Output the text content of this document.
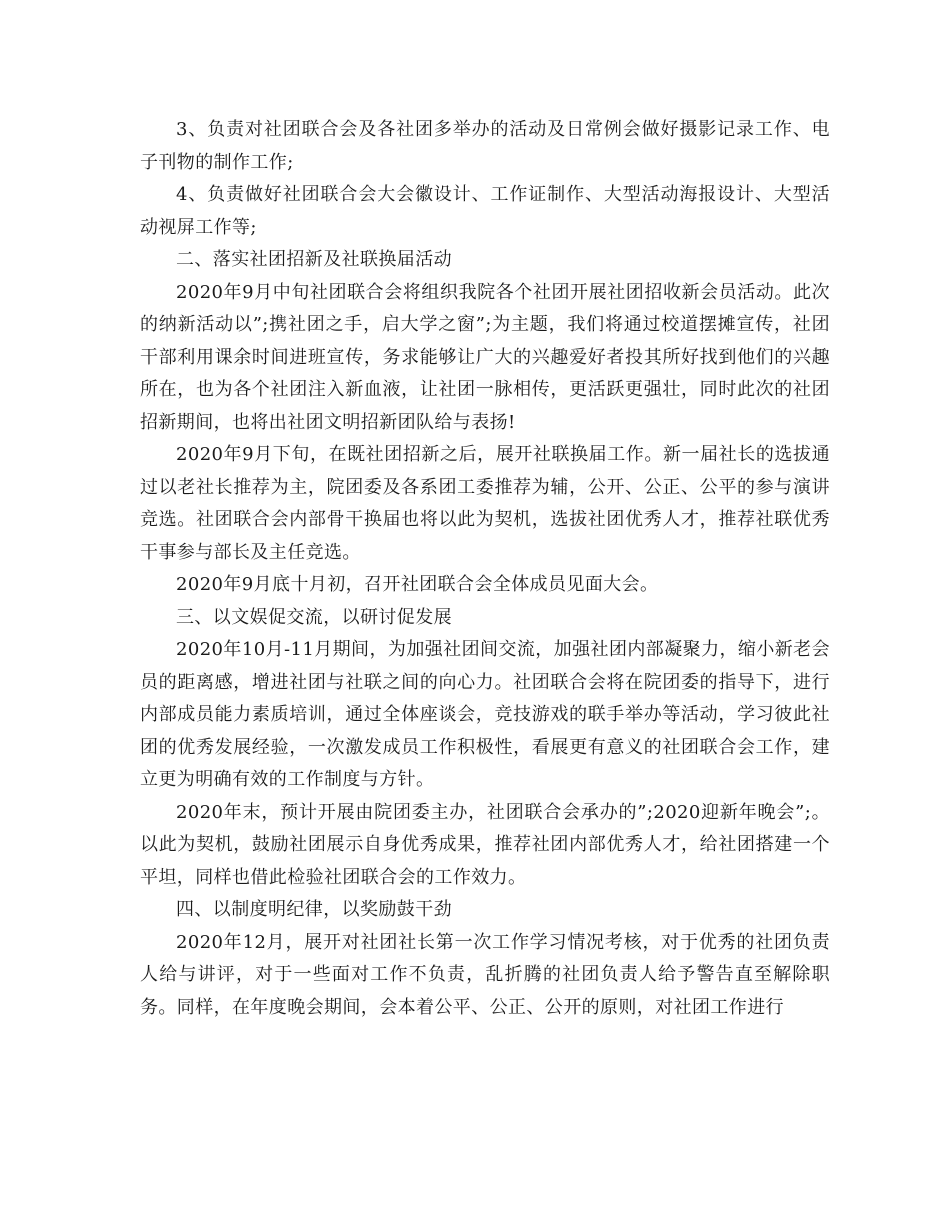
3、负责对社团联合会及各社团多举办的活动及日常例会做好摄影记录工作、电子刊物的制作工作;

4、负责做好社团联合会大会徽设计、工作证制作、大型活动海报设计、大型活动视屏工作等;

二、落实社团招新及社联换届活动

2020年9月中旬社团联合会将组织我院各个社团开展社团招收新会员活动。此次的纳新活动以”;携社团之手，启大学之窗”;为主题，我们将通过校道摆摊宣传，社团干部利用课余时间进班宣传，务求能够让广大的兴趣爱好者投其所好找到他们的兴趣所在，也为各个社团注入新血液，让社团一脉相传，更活跃更强壮，同时此次的社团招新期间，也将出社团文明招新团队给与表扬!

2020年9月下旬，在既社团招新之后，展开社联换届工作。新一届社长的选拔通过以老社长推荐为主，院团委及各系团工委推荐为辅，公开、公正、公平的参与演讲竞选。社团联合会内部骨干换届也将以此为契机，选拔社团优秀人才，推荐社联优秀干事参与部长及主任竞选。

2020年9月底十月初，召开社团联合会全体成员见面大会。

三、以文娱促交流，以研讨促发展

2020年10月-11月期间，为加强社团间交流，加强社团内部凝聚力，缩小新老会员的距离感，增进社团与社联之间的向心力。社团联合会将在院团委的指导下，进行内部成员能力素质培训，通过全体座谈会，竞技游戏的联手举办等活动，学习彼此社团的优秀发展经验，一次激发成员工作积极性，看展更有意义的社团联合会工作，建立更为明确有效的工作制度与方针。

2020年末，预计开展由院团委主办，社团联合会承办的”;2020迎新年晚会”;。以此为契机，鼓励社团展示自身优秀成果，推荐社团内部优秀人才，给社团搭建一个平坦，同样也借此检验社团联合会的工作效力。

四、以制度明纪律，以奖励鼓干劲

2020年12月，展开对社团社长第一次工作学习情况考核，对于优秀的社团负责人给与讲评，对于一些面对工作不负责，乱折腾的社团负责人给予警告直至解除职务。同样，在年度晚会期间，会本着公平、公正、公开的原则，对社团工作进行
